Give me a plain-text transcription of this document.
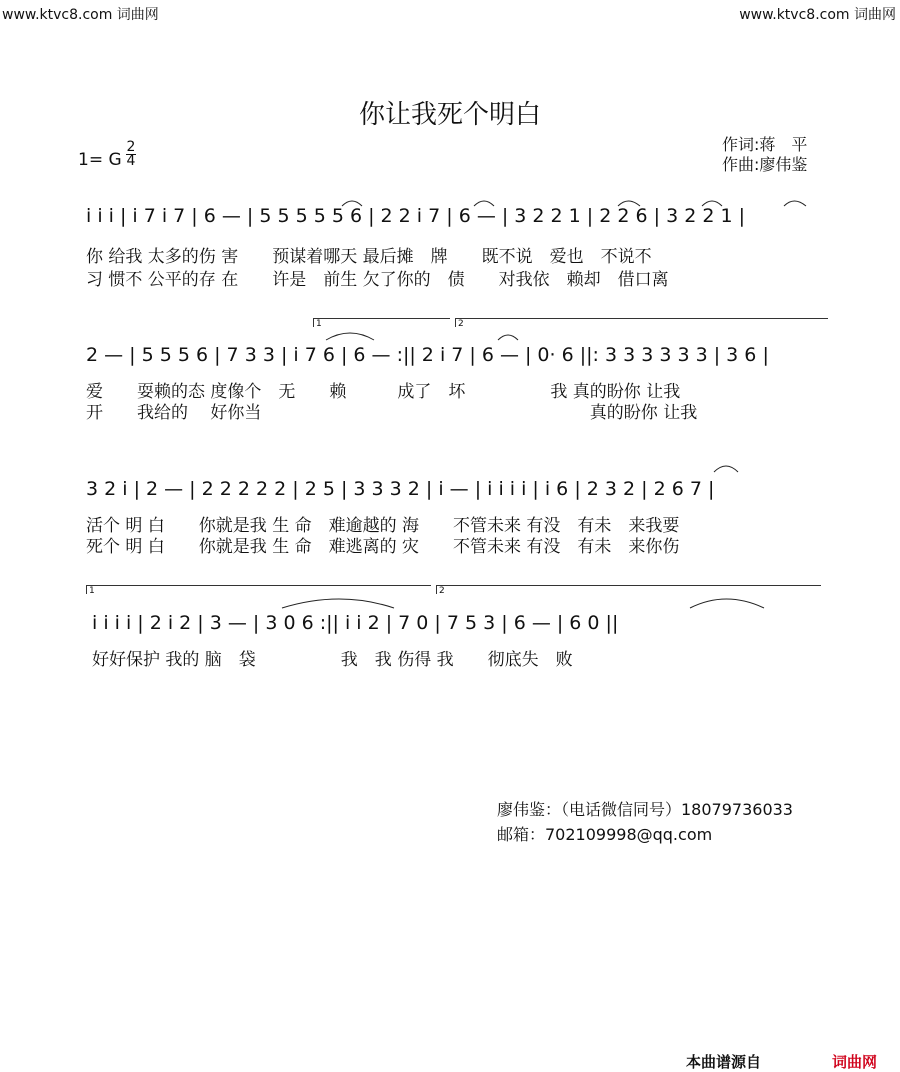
www.ktvc8.com 词曲网	www.ktvc8.com 词曲网
你让我死个明白
作词:蒋　平
作曲:廖伟鉴
1= G
2
4
i i i | i 7 i 7 | 6 — | 5 5 5 5 5 6 | 2 2 i 7 | 6 — | 3 2 2 1 | 2 2 6 | 3 2 2 1 |
你 给我 太多的伤 害　　预谋着哪天 最后摊　牌　　既不说　爱也　不说不
习 惯不 公平的存 在　　许是　前生 欠了你的　债　　对我依　赖却　借口离
1	2
2 — | 5 5 5 6 | 7 3 3 | i 7 6 | 6 — :|| 2 i 7 | 6 — | 0· 6 ||: 3 3 3 3 3 3 | 3 6 |
爱　　耍赖的态 度像个　无　　赖　　　成了　坏　　　　　我 真的盼你 让我
开　　我给的　 好你当　　　　　　　　　　　　　　　　　　　 真的盼你 让我
3 2 i | 2 — | 2 2 2 2 2 | 2 5 | 3 3 3 2 | i — | i i i i | i 6 | 2 3 2 | 2 6 7 |
活个 明 白　　你就是我 生 命　难逾越的 海　　不管未来 有没　有未　来我要
死个 明 白　　你就是我 生 命　难逃离的 灾　　不管未来 有没　有未　来你伤
1	2
i i i i | 2 i 2 | 3 — | 3 0 6 :|| i i 2 | 7 0 | 7 5 3 | 6 — | 6 0 ||
好好保护 我的 脑　袋　　　　　我　我 伤得 我　　彻底失　败
廖伟鉴：（电话微信同号）18079736033
邮箱：702109998@qq.com
本曲谱源自	词曲网
